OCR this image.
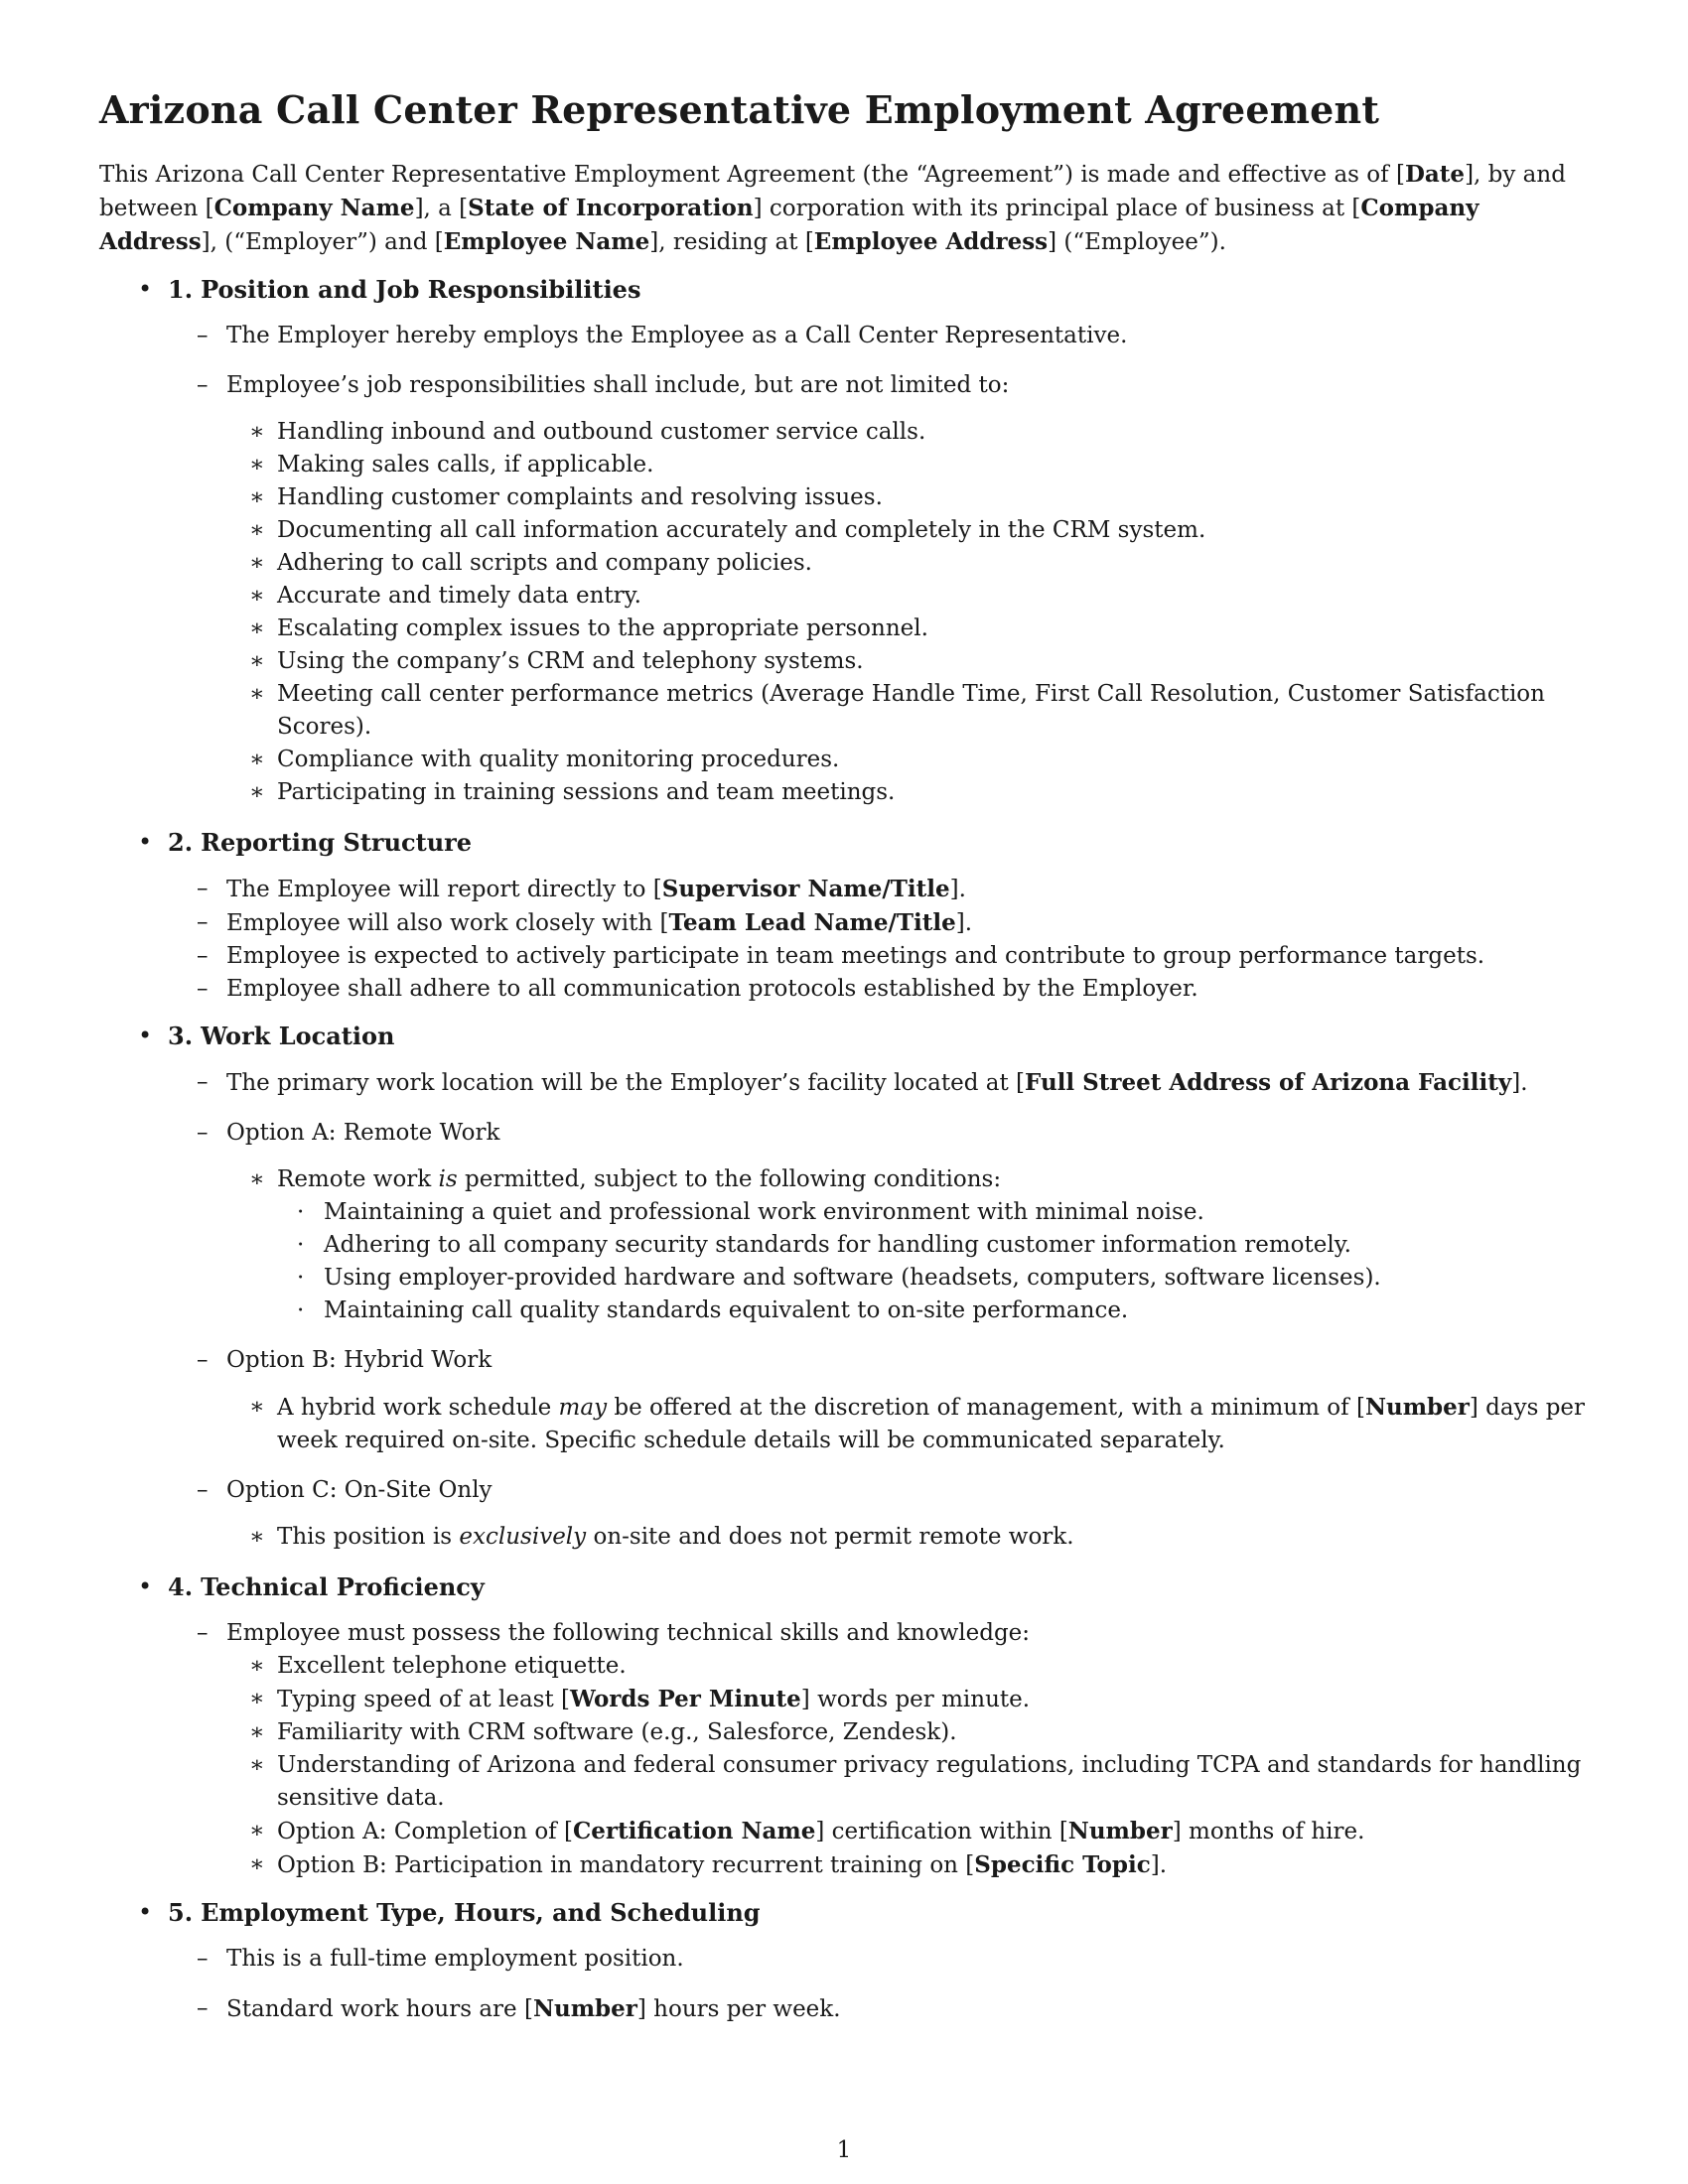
Arizona Call Center Representative Employment Agreement

This Arizona Call Center Representative Employment Agreement (the “Agreement”) is made and effective as of [Date], by and between [Company Name], a [State of Incorporation] corporation with its principal place of business at [Company Address], (“Employer”) and [Employee Name], residing at [Employee Address] (“Employee”).

• 1. Position and Job Responsibilities
– The Employer hereby employs the Employee as a Call Center Representative.
– Employee’s job responsibilities shall include, but are not limited to:
∗ Handling inbound and outbound customer service calls.
∗ Making sales calls, if applicable.
∗ Handling customer complaints and resolving issues.
∗ Documenting all call information accurately and completely in the CRM system.
∗ Adhering to call scripts and company policies.
∗ Accurate and timely data entry.
∗ Escalating complex issues to the appropriate personnel.
∗ Using the company’s CRM and telephony systems.
∗ Meeting call center performance metrics (Average Handle Time, First Call Resolution, Customer Satisfaction Scores).
∗ Compliance with quality monitoring procedures.
∗ Participating in training sessions and team meetings.
• 2. Reporting Structure
– The Employee will report directly to [Supervisor Name/Title].
– Employee will also work closely with [Team Lead Name/Title].
– Employee is expected to actively participate in team meetings and contribute to group performance targets.
– Employee shall adhere to all communication protocols established by the Employer.
• 3. Work Location
– The primary work location will be the Employer’s facility located at [Full Street Address of Arizona Facility].
– Option A: Remote Work
∗ Remote work is permitted, subject to the following conditions:
· Maintaining a quiet and professional work environment with minimal noise.
· Adhering to all company security standards for handling customer information remotely.
· Using employer-provided hardware and software (headsets, computers, software licenses).
· Maintaining call quality standards equivalent to on-site performance.
– Option B: Hybrid Work
∗ A hybrid work schedule may be offered at the discretion of management, with a minimum of [Number] days per week required on-site. Specific schedule details will be communicated separately.
– Option C: On-Site Only
∗ This position is exclusively on-site and does not permit remote work.
• 4. Technical Proficiency
– Employee must possess the following technical skills and knowledge:
∗ Excellent telephone etiquette.
∗ Typing speed of at least [Words Per Minute] words per minute.
∗ Familiarity with CRM software (e.g., Salesforce, Zendesk).
∗ Understanding of Arizona and federal consumer privacy regulations, including TCPA and standards for handling sensitive data.
∗ Option A: Completion of [Certification Name] certification within [Number] months of hire.
∗ Option B: Participation in mandatory recurrent training on [Specific Topic].
• 5. Employment Type, Hours, and Scheduling
– This is a full-time employment position.
– Standard work hours are [Number] hours per week.
1
